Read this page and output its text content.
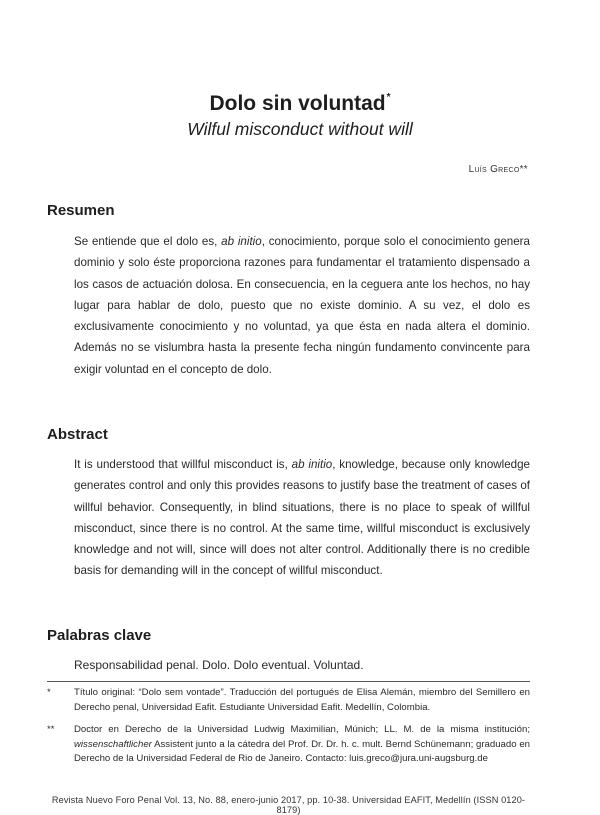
Dolo sin voluntad*
Wilful misconduct without will
Luís Greco**
Resumen

Se entiende que el dolo es, ab initio, conocimiento, porque solo el conocimiento genera dominio y solo éste proporciona razones para fundamentar el tratamiento dispensado a los casos de actuación dolosa. En consecuencia, en la ceguera ante los hechos, no hay lugar para hablar de dolo, puesto que no existe dominio. A su vez, el dolo es exclusivamente conocimiento y no voluntad, ya que ésta en nada altera el dominio. Además no se vislumbra hasta la presente fecha ningún fundamento convincente para exigir voluntad en el concepto de dolo.

Abstract

It is understood that willful misconduct is, ab initio, knowledge, because only knowledge generates control and only this provides reasons to justify base the treatment of cases of willful behavior. Consequently, in blind situations, there is no place to speak of willful misconduct, since there is no control. At the same time, willful misconduct is exclusively knowledge and not will, since will does not alter control. Additionally there is no credible basis for demanding will in the concept of willful misconduct.

Palabras clave
Responsabilidad penal. Dolo. Dolo eventual. Voluntad.
*	Título original: “Dolo sem vontade”. Traducción del portugués de Elisa Alemán, miembro del Semillero en Derecho penal, Universidad Eafit. Estudiante Universidad Eafit. Medellín, Colombia.
**	Doctor en Derecho de la Universidad Ludwig Maximilian, Múnich; LL. M. de la misma institución; wissenschaftlicher Assistent junto a la cátedra del Prof. Dr. Dr. h. c. mult. Bernd Schünemann; graduado en Derecho de la Universidad Federal de Rio de Janeiro. Contacto: luis.greco@jura.uni-augsburg.de
Revista Nuevo Foro Penal Vol. 13, No. 88, enero-junio 2017, pp. 10-38. Universidad EAFIT, Medellín (ISSN 0120-8179)
